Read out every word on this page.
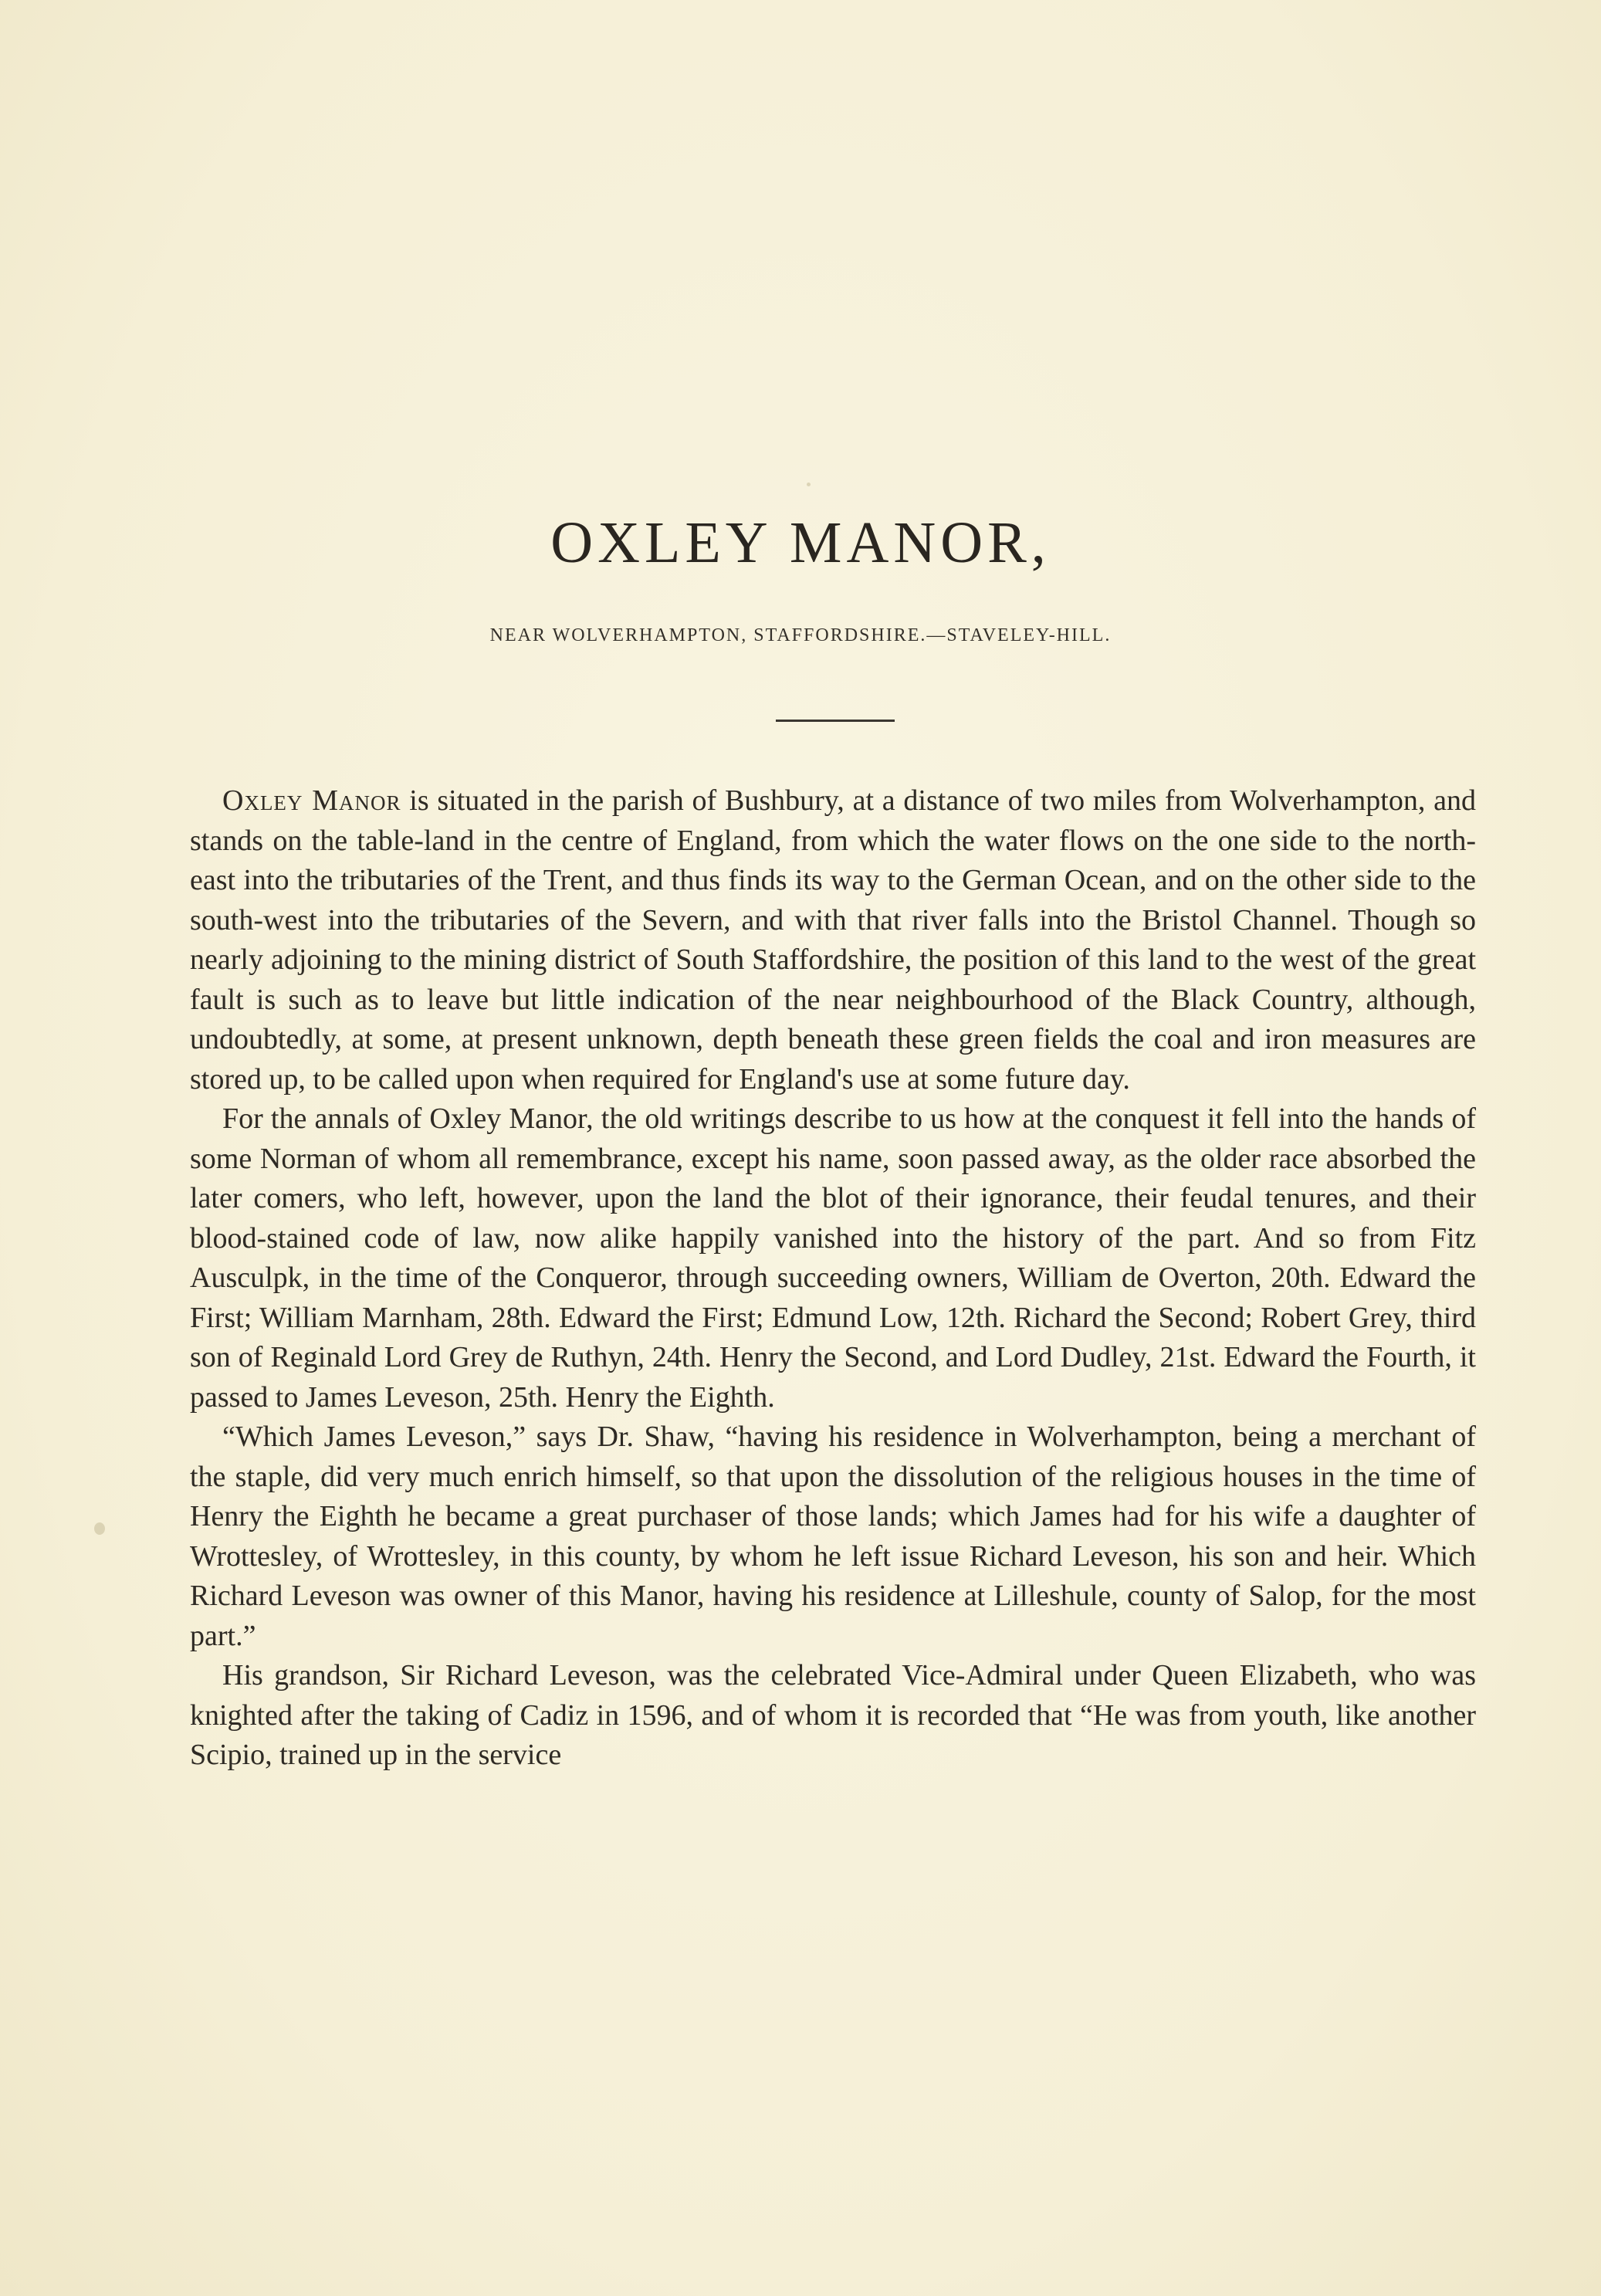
OXLEY MANOR,
NEAR WOLVERHAMPTON, STAFFORDSHIRE.—STAVELEY-HILL.

Oxley Manor is situated in the parish of Bushbury, at a distance of two miles from Wolverhampton, and stands on the table-land in the centre of England, from which the water flows on the one side to the north-east into the tributaries of the Trent, and thus finds its way to the German Ocean, and on the other side to the south-west into the tributaries of the Severn, and with that river falls into the Bristol Channel. Though so nearly adjoining to the mining district of South Staffordshire, the position of this land to the west of the great fault is such as to leave but little indication of the near neighbourhood of the Black Country, although, undoubtedly, at some, at present unknown, depth beneath these green fields the coal and iron measures are stored up, to be called upon when required for England's use at some future day.

For the annals of Oxley Manor, the old writings describe to us how at the conquest it fell into the hands of some Norman of whom all remembrance, except his name, soon passed away, as the older race absorbed the later comers, who left, however, upon the land the blot of their ignorance, their feudal tenures, and their blood-stained code of law, now alike happily vanished into the history of the part. And so from Fitz Ausculpk, in the time of the Conqueror, through succeeding owners, William de Overton, 20th. Edward the First; William Marnham, 28th. Edward the First; Edmund Low, 12th. Richard the Second; Robert Grey, third son of Reginald Lord Grey de Ruthyn, 24th. Henry the Second, and Lord Dudley, 21st. Edward the Fourth, it passed to James Leveson, 25th. Henry the Eighth.

“Which James Leveson,” says Dr. Shaw, “having his residence in Wolverhampton, being a merchant of the staple, did very much enrich himself, so that upon the dissolution of the religious houses in the time of Henry the Eighth he became a great purchaser of those lands; which James had for his wife a daughter of Wrottesley, of Wrottesley, in this county, by whom he left issue Richard Leveson, his son and heir. Which Richard Leveson was owner of this Manor, having his residence at Lilleshule, county of Salop, for the most part.”

His grandson, Sir Richard Leveson, was the celebrated Vice-Admiral under Queen Elizabeth, who was knighted after the taking of Cadiz in 1596, and of whom it is recorded that “He was from youth, like another Scipio, trained up in the service
